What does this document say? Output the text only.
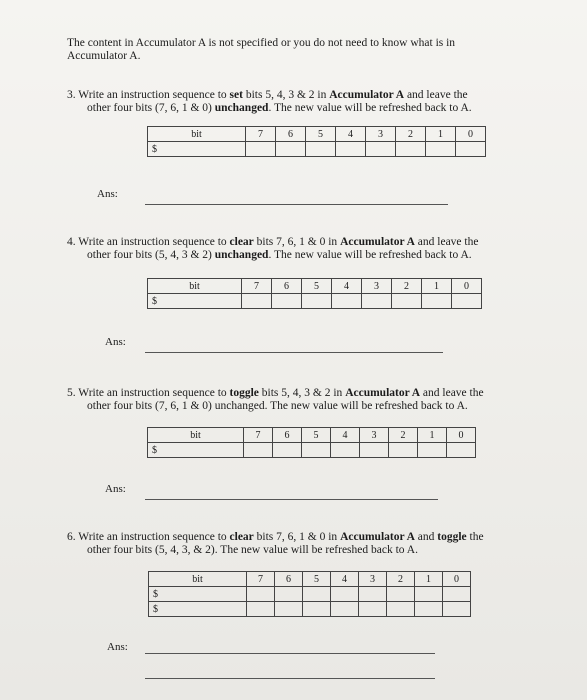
The content in Accumulator A is not specified or you do not need to know what is in
Accumulator A.
3. Write an instruction sequence to set bits 5, 4, 3 & 2 in Accumulator A and leave the
other four bits (7, 6, 1 & 0) unchanged. The new value will be refreshed back to A.
bit	7	6	5	4	3	2	1	0
$								
Ans:
4. Write an instruction sequence to clear bits 7, 6, 1 & 0 in Accumulator A and leave the
other four bits (5, 4, 3 & 2) unchanged. The new value will be refreshed back to A.
bit	7	6	5	4	3	2	1	0
$								
Ans:
5. Write an instruction sequence to toggle bits 5, 4, 3 & 2 in Accumulator A and leave the
other four bits (7, 6, 1 & 0) unchanged. The new value will be refreshed back to A.
bit	7	6	5	4	3	2	1	0
$								
Ans:
6. Write an instruction sequence to clear bits 7, 6, 1 & 0 in Accumulator A and toggle the
other four bits (5, 4, 3, & 2). The new value will be refreshed back to A.
bit	7	6	5	4	3	2	1	0
$								
$								
Ans:
